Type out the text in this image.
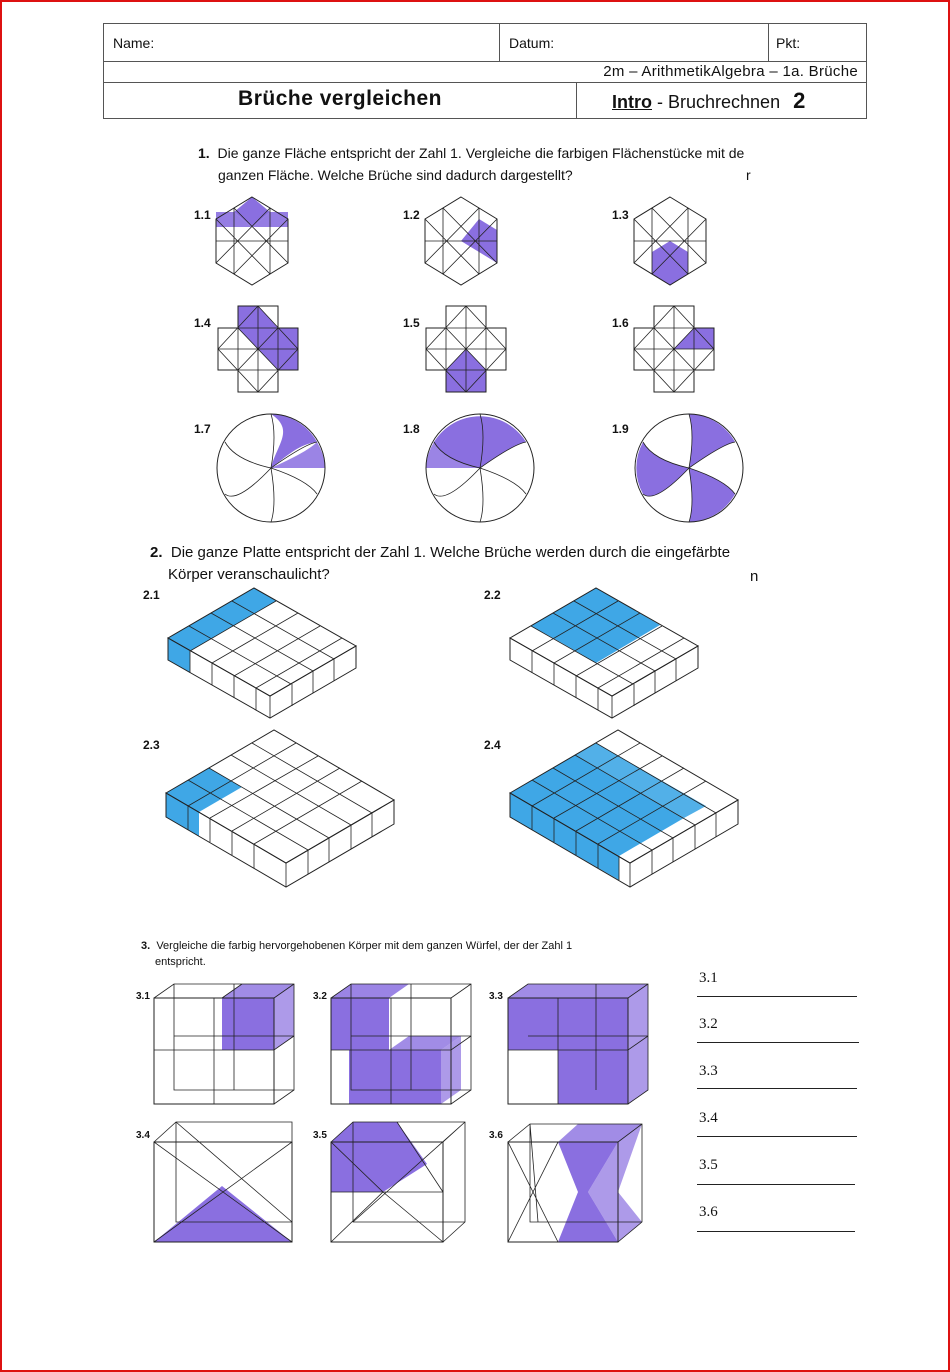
Name:	Datum:	Pkt:
2m – ArithmetikAlgebra – 1a. Brüche
Brüche vergleichen	Intro - Bruchrechnen 2
1. Die ganze Fläche entspricht der Zahl 1. Vergleiche die farbigen Flächenstücke mit de
ganzen Fläche. Welche Brüche sind dadurch dargestellt?	r
1.1	1.2	1.3
1.4	1.5	1.6
1.7	1.8	1.9
2. Die ganze Platte entspricht der Zahl 1. Welche Brüche werden durch die eingefärbte
Körper veranschaulicht?	n
2.1	2.2
2.3	2.4
3. Vergleiche die farbig hervorgehobenen Körper mit dem ganzen Würfel, der der Zahl 1
entspricht.
3.1	3.2	3.3
3.4	3.5	3.6
3.1
3.2
3.3
3.4
3.5
3.6
